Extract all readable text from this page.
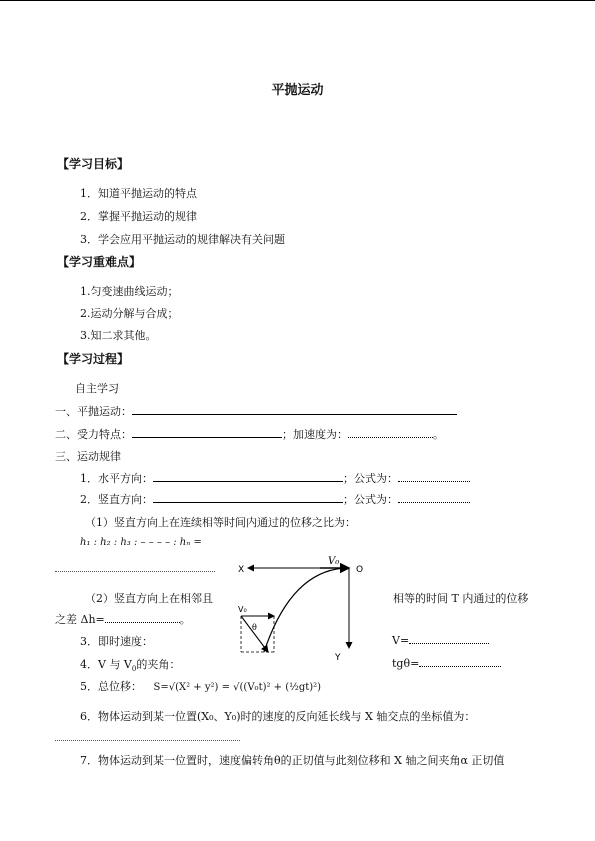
平抛运动
【学习目标】
1．知道平抛运动的特点
2．掌握平抛运动的规律
3．学会应用平抛运动的规律解决有关问题
【学习重难点】
1.匀变速曲线运动；
2.运动分解与合成；
3.知二求其他。
【学习过程】
自主学习
一、平抛运动：
二、受力特点：	；加速度为：	。
三、运动规律
1．水平方向：	；公式为：
2．竖直方向：	；公式为：
（1）竖直方向上在连续相等时间内通过的位移之比为：
h₁ : h₂ : h₃ : – – – – : hₙ =
（2）竖直方向上在相邻且	相等的时间 T 内通过的位移
之差 Δh=	。
3．即时速度：	V=
4．V 与 $V_0$的夹角：	tgθ=
5．总位移： S=√(X² + y²) = √((V₀t)² + (½gt)²)
6．物体运动到某一位置(X₀、Y₀)时的速度的反向延长线与 X 轴交点的坐标值为：
7．物体运动到某一位置时，速度偏转角θ的正切值与此刻位移和 X 轴之间夹角α 正切值
V₀
X	O
V₀
θ
Y
